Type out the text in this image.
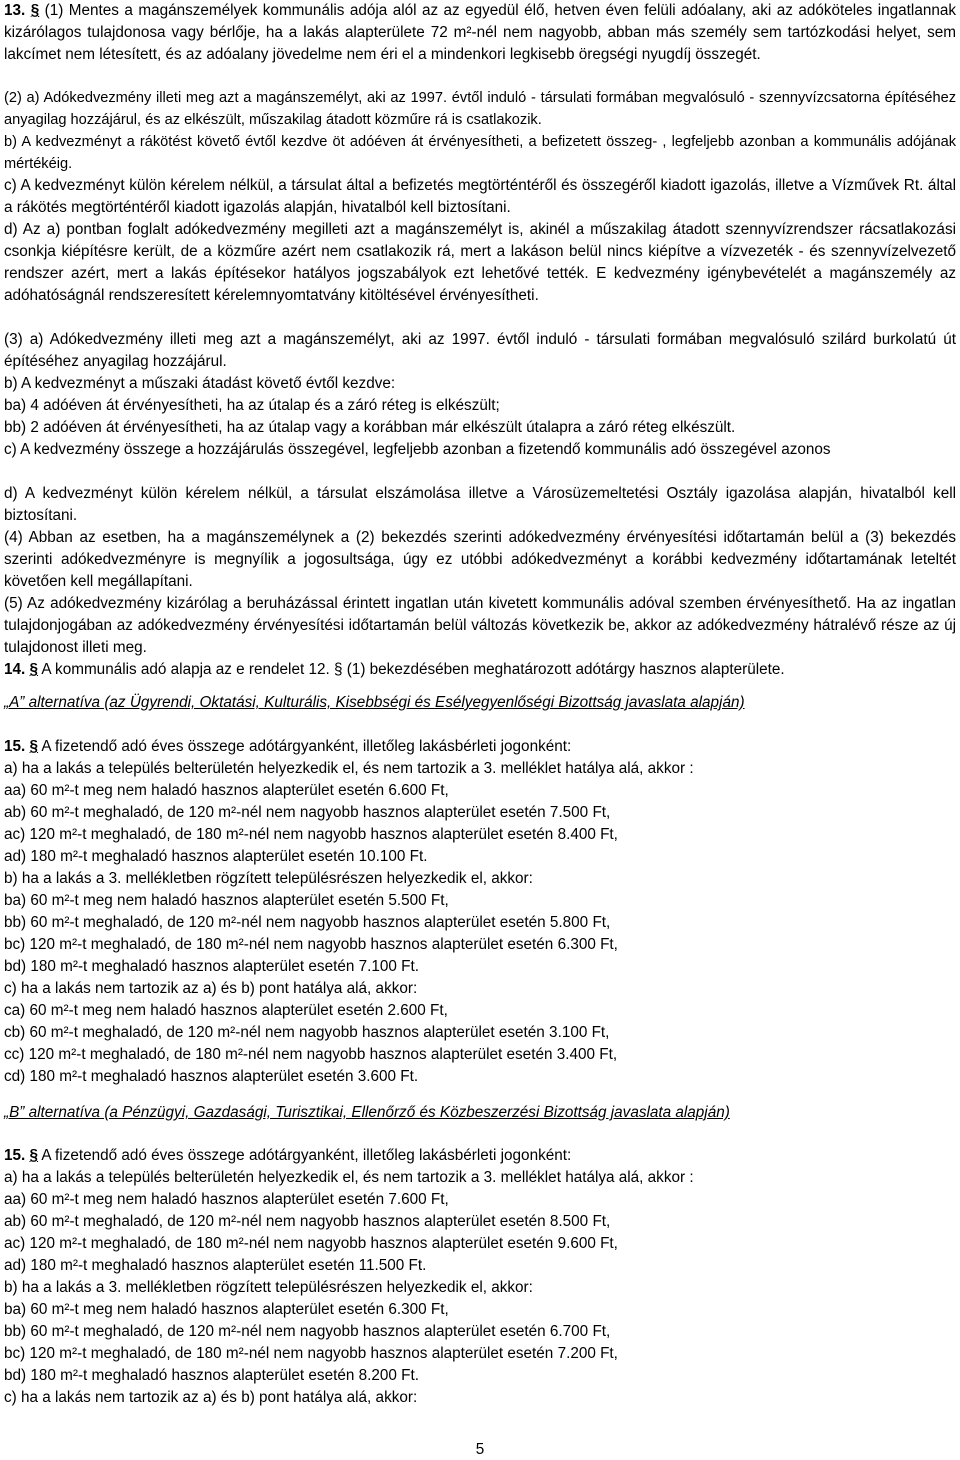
13. § (1) Mentes a magánszemélyek kommunális adója alól az az egyedül élő, hetven éven felüli adóalany, aki az adóköteles ingatlannak kizárólagos tulajdonosa vagy bérlője, ha a lakás alapterülete 72 m²-nél nem nagyobb, abban más személy sem tartózkodási helyet, sem lakcímet nem létesített, és az adóalany jövedelme nem éri el a mindenkori legkisebb öregségi nyugdíj összegét.
(2) a) Adókedvezmény illeti meg azt a magánszemélyt, aki az 1997. évtől induló - társulati formában megvalósuló - szennyvízcsatorna építéséhez anyagilag hozzájárul, és az elkészült, műszakilag átadott közműre rá is csatlakozik.
b) A kedvezményt a rákötést követő évtől kezdve öt adóéven át érvényesítheti, a befizetett összeg- , legfeljebb azonban a kommunális adójának mértékéig.
c) A kedvezményt külön kérelem nélkül, a társulat által a befizetés megtörténtéről és összegéről kiadott igazolás, illetve a Vízművek Rt. által a rákötés megtörténtéről kiadott igazolás alapján, hivatalból kell biztosítani.
d) Az a) pontban foglalt adókedvezmény megilleti azt a magánszemélyt is, akinél a műszakilag átadott szennyvízrendszer rácsatlakozási csonkja kiépítésre került, de a közműre azért nem csatlakozik rá, mert a lakáson belül nincs kiépítve a vízvezeték - és szennyvízelvezető rendszer azért, mert a lakás építésekor hatályos jogszabályok ezt lehetővé tették. E kedvezmény igénybevételét a magánszemély az adóhatóságnál rendszeresített kérelemnyomtatvány kitöltésével érvényesítheti.
(3) a) Adókedvezmény illeti meg azt a magánszemélyt, aki az 1997. évtől induló - társulati formában megvalósuló szilárd burkolatú út építéséhez anyagilag hozzájárul.
b) A kedvezményt a műszaki átadást követő évtől kezdve:
ba) 4 adóéven át érvényesítheti, ha az útalap és a záró réteg is elkészült;
bb) 2 adóéven át érvényesítheti, ha az útalap vagy a korábban már elkészült útalapra a záró réteg elkészült.
c) A kedvezmény összege a hozzájárulás összegével, legfeljebb azonban a fizetendő kommunális adó összegével azonos
d) A kedvezményt külön kérelem nélkül, a társulat elszámolása illetve a Városüzemeltetési Osztály igazolása alapján, hivatalból kell biztosítani.
(4) Abban az esetben, ha a magánszemélynek a (2) bekezdés szerinti adókedvezmény érvényesítési időtartamán belül a (3) bekezdés szerinti adókedvezményre is megnyílik a jogosultsága, úgy ez utóbbi adókedvezményt a korábbi kedvezmény időtartamának leteltét követően kell megállapítani.
(5) Az adókedvezmény kizárólag a beruházással érintett ingatlan után kivetett kommunális adóval szemben érvényesíthető. Ha az ingatlan tulajdonjogában az adókedvezmény érvényesítési időtartamán belül változás következik be, akkor az adókedvezmény hátralévő része az új tulajdonost illeti meg.
14. § A kommunális adó alapja az e rendelet 12. § (1) bekezdésében meghatározott adótárgy hasznos alapterülete.
„A” alternatíva (az Ügyrendi, Oktatási, Kulturális, Kisebbségi és Esélyegyenlőségi Bizottság javaslata alapján)
15. § A fizetendő adó éves összege adótárgyanként, illetőleg lakásbérleti jogonként:
a) ha a lakás a település belterületén helyezkedik el, és nem tartozik a 3. melléklet hatálya alá, akkor :
aa) 60 m²-t meg nem haladó hasznos alapterület esetén 6.600 Ft,
ab) 60 m²-t meghaladó, de 120 m²-nél nem nagyobb hasznos alapterület esetén 7.500 Ft,
ac) 120 m²-t meghaladó, de 180 m²-nél nem nagyobb hasznos alapterület esetén 8.400 Ft,
ad) 180 m²-t meghaladó hasznos alapterület esetén 10.100 Ft.
b) ha a lakás a 3. mellékletben rögzített településrészen helyezkedik el, akkor:
ba) 60 m²-t meg nem haladó hasznos alapterület esetén 5.500 Ft,
bb) 60 m²-t meghaladó, de 120 m²-nél nem nagyobb hasznos alapterület esetén 5.800 Ft,
bc) 120 m²-t meghaladó, de 180 m²-nél nem nagyobb hasznos alapterület esetén 6.300 Ft,
bd) 180 m²-t meghaladó hasznos alapterület esetén 7.100 Ft.
c) ha a lakás nem tartozik az a) és b) pont hatálya alá, akkor:
ca) 60 m²-t meg nem haladó hasznos alapterület esetén 2.600 Ft,
cb) 60 m²-t meghaladó, de 120 m²-nél nem nagyobb hasznos alapterület esetén 3.100 Ft,
cc) 120 m²-t meghaladó, de 180 m²-nél nem nagyobb hasznos alapterület esetén 3.400 Ft,
cd) 180 m²-t meghaladó hasznos alapterület esetén 3.600 Ft.
„B” alternatíva (a Pénzügyi, Gazdasági, Turisztikai, Ellenőrző és Közbeszerzési Bizottság javaslata alapján)
15. § A fizetendő adó éves összege adótárgyanként, illetőleg lakásbérleti jogonként:
a) ha a lakás a település belterületén helyezkedik el, és nem tartozik a 3. melléklet hatálya alá, akkor :
aa) 60 m²-t meg nem haladó hasznos alapterület esetén 7.600 Ft,
ab) 60 m²-t meghaladó, de 120 m²-nél nem nagyobb hasznos alapterület esetén 8.500 Ft,
ac) 120 m²-t meghaladó, de 180 m²-nél nem nagyobb hasznos alapterület esetén 9.600 Ft,
ad) 180 m²-t meghaladó hasznos alapterület esetén 11.500 Ft.
b) ha a lakás a 3. mellékletben rögzített településrészen helyezkedik el, akkor:
ba) 60 m²-t meg nem haladó hasznos alapterület esetén 6.300 Ft,
bb) 60 m²-t meghaladó, de 120 m²-nél nem nagyobb hasznos alapterület esetén 6.700 Ft,
bc) 120 m²-t meghaladó, de 180 m²-nél nem nagyobb hasznos alapterület esetén 7.200 Ft,
bd) 180 m²-t meghaladó hasznos alapterület esetén 8.200 Ft.
c) ha a lakás nem tartozik az a) és b) pont hatálya alá, akkor:
5
